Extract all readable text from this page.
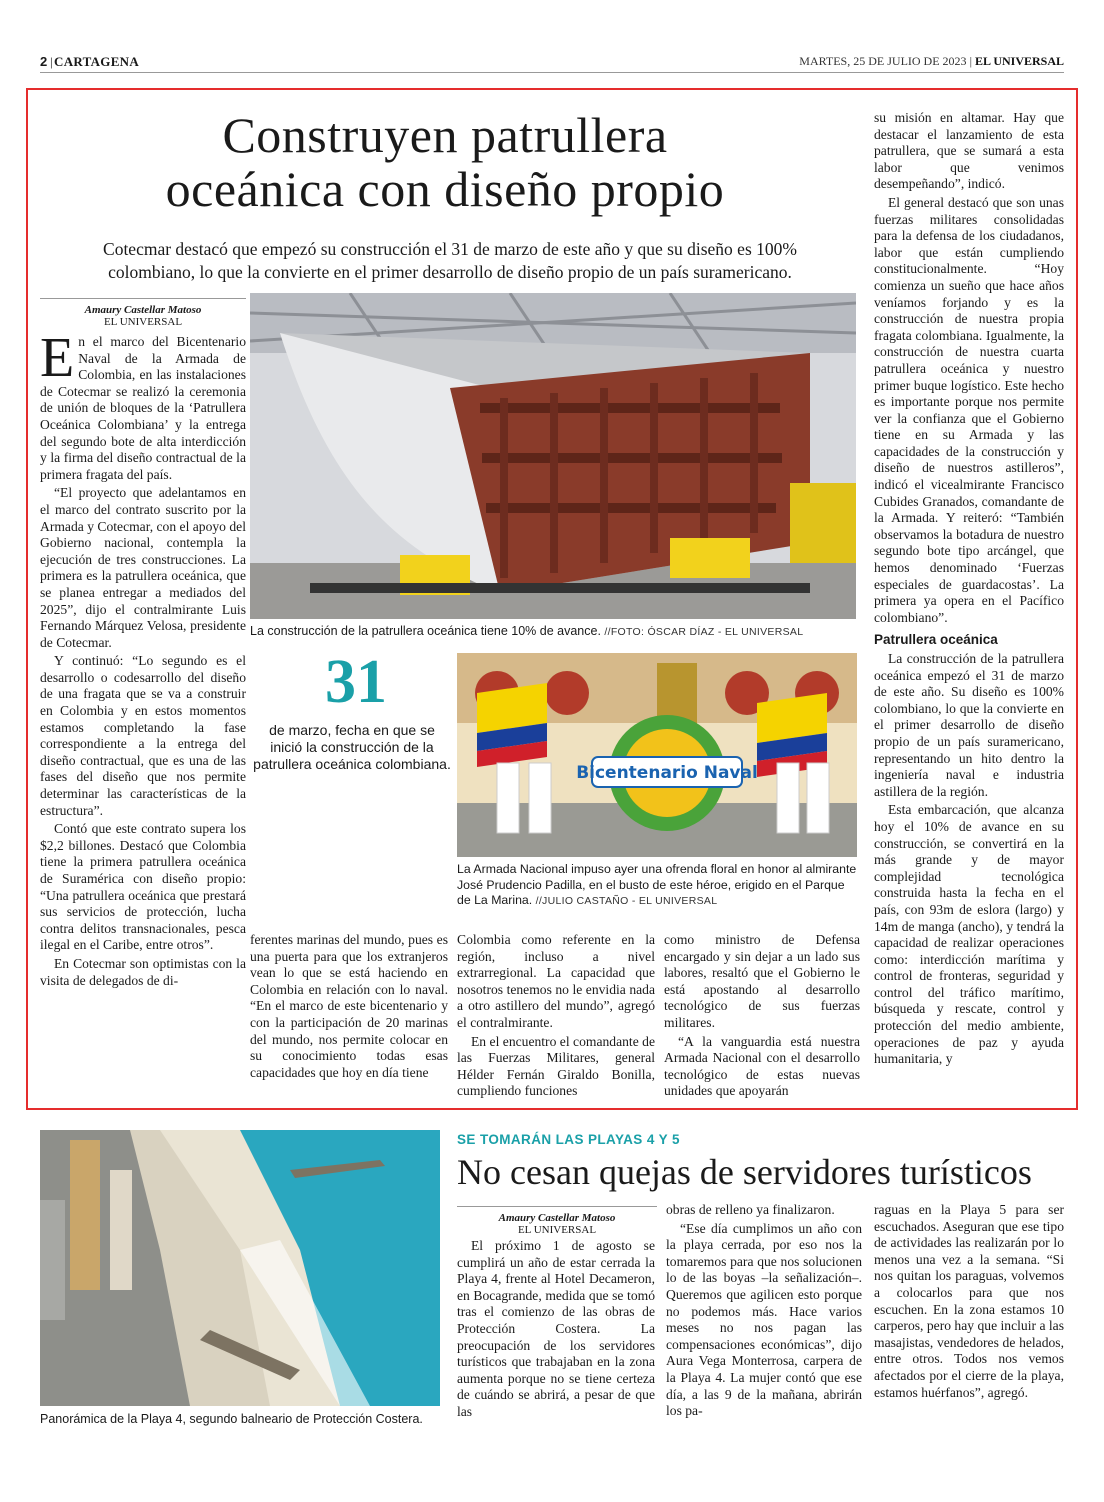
2 | CARTAGENA	MARTES, 25 DE JULIO DE 2023 | EL UNIVERSAL
Construyen patrullera
oceánica con diseño propio
Cotecmar destacó que empezó su construcción el 31 de marzo de este año y que su diseño es 100%
colombiano, lo que la convierte en el primer desarrollo de diseño propio de un país suramericano.
Amaury Castellar Matoso
EL UNIVERSAL

En el marco del Bicentenario Naval de la Armada de Colombia, en las instalaciones de Cotecmar se realizó la ceremonia de unión de bloques de la ‘Patrullera Oceánica Colombiana’ y la entrega del segundo bote de alta interdicción y la firma del diseño contractual de la primera fragata del país.

“El proyecto que adelantamos en el marco del contrato suscrito por la Armada y Cotecmar, con el apoyo del Gobierno nacional, contempla la ejecución de tres construcciones. La primera es la patrullera oceánica, que se planea entregar a mediados del 2025”, dijo el contralmirante Luis Fernando Márquez Velosa, presidente de Cotecmar.

Y continuó: “Lo segundo es el desarrollo o codesarrollo del diseño de una fragata que se va a construir en Colombia y en estos momentos estamos completando la fase correspondiente a la entrega del diseño contractual, que es una de las fases del diseño que nos permite determinar las características de la estructura”.

Contó que este contrato supera los $2,2 billones. Destacó que Colombia tiene la primera patrullera oceánica de Suramérica con diseño propio: “Una patrullera oceánica que prestará sus servicios de protección, lucha contra delitos transnacionales, pesca ilegal en el Caribe, entre otros”.

En Cotecmar son optimistas con la visita de delegados de di-

La construcción de la patrullera oceánica tiene 10% de avance. //FOTO: ÓSCAR DÍAZ - EL UNIVERSAL
31
de marzo, fecha en que se inició la construcción de la patrullera oceánica colombiana.	Bicentenario Naval
La Armada Nacional impuso ayer una ofrenda floral en honor al almirante José Prudencio Padilla, en el busto de este héroe, erigido en el Parque de La Marina. //JULIO CASTAÑO - EL UNIVERSAL

ferentes marinas del mundo, pues es una puerta para que los extranjeros vean lo que se está haciendo en Colombia en relación con lo naval. “En el marco de este bicentenario y con la participación de 20 marinas del mundo, nos permite colocar en su conocimiento todas esas capacidades que hoy en día tiene

Colombia como referente en la región, incluso a nivel extrarregional. La capacidad que nosotros tenemos no le envidia nada a otro astillero del mundo”, agregó el contralmirante.

En el encuentro el comandante de las Fuerzas Militares, general Hélder Fernán Giraldo Bonilla, cumpliendo funciones

como ministro de Defensa encargado y sin dejar a un lado sus labores, resaltó que el Gobierno le está apostando al desarrollo tecnológico de sus fuerzas militares.

“A la vanguardia está nuestra Armada Nacional con el desarrollo tecnológico de estas nuevas unidades que apoyarán

su misión en altamar. Hay que destacar el lanzamiento de esta patrullera, que se sumará a esta labor que venimos desempeñando”, indicó.

El general destacó que son unas fuerzas militares consolidadas para la defensa de los ciudadanos, labor que están cumpliendo constitucionalmente. “Hoy comienza un sueño que hace años veníamos forjando y es la construcción de nuestra propia fragata colombiana. Igualmente, la construcción de nuestra cuarta patrullera oceánica y nuestro primer buque logístico. Este hecho es importante porque nos permite ver la confianza que el Gobierno tiene en su Armada y las capacidades de la construcción y diseño de nuestros astilleros”, indicó el vicealmirante Francisco Cubides Granados, comandante de la Armada. Y reiteró: “También observamos la botadura de nuestro segundo bote tipo arcángel, que hemos denominado ‘Fuerzas especiales de guardacostas’. La primera ya opera en el Pacífico colombiano”.

Patrullera oceánica

La construcción de la patrullera oceánica empezó el 31 de marzo de este año. Su diseño es 100% colombiano, lo que la convierte en el primer desarrollo de diseño propio de un país suramericano, representando un hito dentro la ingeniería naval e industria astillera de la región.

Esta embarcación, que alcanza hoy el 10% de avance en su construcción, se convertirá en la más grande y de mayor complejidad tecnológica construida hasta la fecha en el país, con 93m de eslora (largo) y 14m de manga (ancho), y tendrá la capacidad de realizar operaciones como: interdicción marítima y control de fronteras, seguridad y control del tráfico marítimo, búsqueda y rescate, control y protección del medio ambiente, operaciones de paz y ayuda humanitaria, y

Panorámica de la Playa 4, segundo balneario de Protección Costera.
SE TOMARÁN LAS PLAYAS 4 Y 5
No cesan quejas de servidores turísticos
Amaury Castellar Matoso
EL UNIVERSAL

El próximo 1 de agosto se cumplirá un año de estar cerrada la Playa 4, frente al Hotel Decameron, en Bocagrande, medida que se tomó tras el comienzo de las obras de Protección Costera. La preocupación de los servidores turísticos que trabajaban en la zona aumenta porque no se tiene certeza de cuándo se abrirá, a pesar de que las

obras de relleno ya finalizaron.

“Ese día cumplimos un año con la playa cerrada, por eso nos la tomaremos para que nos solucionen lo de las boyas –la señalización–. Queremos que agilicen esto porque no podemos más. Hace varios meses no nos pagan las compensaciones económicas”, dijo Aura Vega Monterrosa, carpera de la Playa 4. La mujer contó que ese día, a las 9 de la mañana, abrirán los pa-

raguas en la Playa 5 para ser escuchados. Aseguran que ese tipo de actividades las realizarán por lo menos una vez a la semana. “Si nos quitan los paraguas, volvemos a colocarlos para que nos escuchen. En la zona estamos 10 carperos, pero hay que incluir a las masajistas, vendedores de helados, entre otros. Todos nos vemos afectados por el cierre de la playa, estamos huérfanos”, agregó.
